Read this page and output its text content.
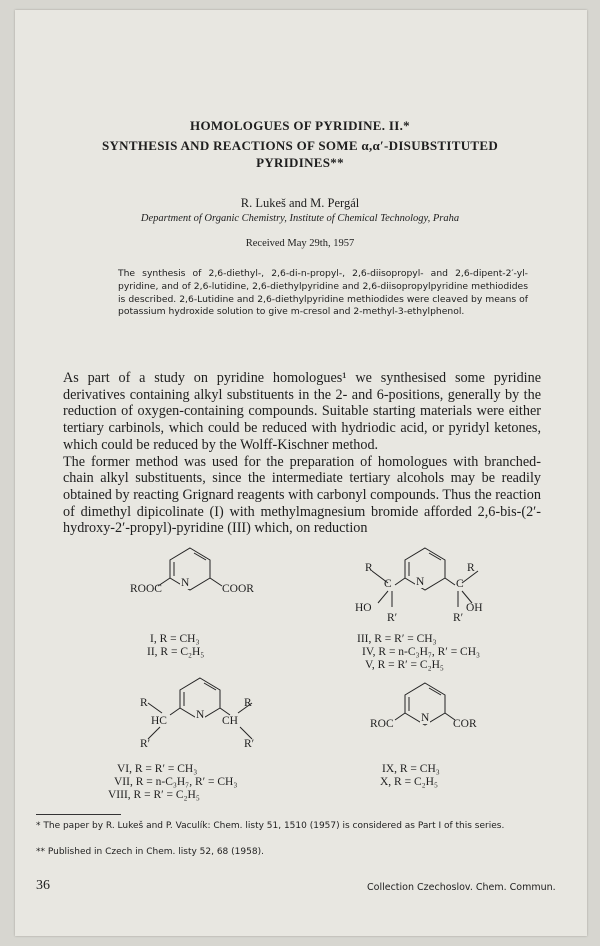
HOMOLOGUES OF PYRIDINE. II.*
SYNTHESIS AND REACTIONS OF SOME α,α′-DISUBSTITUTED
PYRIDINES**
R. Lukeš and M. Pergál
Department of Organic Chemistry, Institute of Chemical Technology, Praha
Received May 29th, 1957
The synthesis of 2,6-diethyl-, 2,6-di-n-propyl-, 2,6-diisopropyl- and 2,6-dipent-2′-yl-pyridine, and of 2,6-lutidine, 2,6-diethylpyridine and 2,6-diisopropylpyridine methiodides is described. 2,6-Lutidine and 2,6-diethylpyridine methiodides were cleaved by means of potassium hydroxide solution to give m-cresol and 2-methyl-3-ethylphenol.

As part of a study on pyridine homologues¹ we synthesised some pyridine derivatives containing alkyl substituents in the 2- and 6-positions, generally by the reduction of oxygen-containing compounds. Suitable starting materials were either tertiary carbinols, which could be reduced with hydriodic acid, or pyridyl ketones, which could be reduced by the Wolff-Kischner method.

The former method was used for the preparation of homologues with branched-chain alkyl substituents, since the intermediate tertiary alcohols may be readily obtained by reacting Grignard reagents with carbonyl compounds. Thus the reaction of dimethyl dipicolinate (I) with methylmagnesium bromide afforded 2,6-bis-(2′-hydroxy-2′-propyl)-pyridine (III) which, on reduction

N
ROOC	COOR
I, R = CH₃
II, R = C₂H₅
R	R
C	C
N
HO	OH
R′	R′
III, R = R′ = CH₃
IV, R = n-C₃H₇, R′ = CH₃
V, R = R′ = C₂H₅
R	R
HC	CH
N
R′	R′
VI, R = R′ = CH₃
VII, R = n-C₃H₇, R′ = CH₃
VIII, R = R′ = C₂H₅
ROC	COR
N
IX, R = CH₃
X, R = C₂H₅
* The paper by R. Lukeš and P. Vaculík: Chem. listy 51, 1510 (1957) is considered as Part I of this series.
** Published in Czech in Chem. listy 52, 68 (1958).
36	Collection Czechoslov. Chem. Commun.
